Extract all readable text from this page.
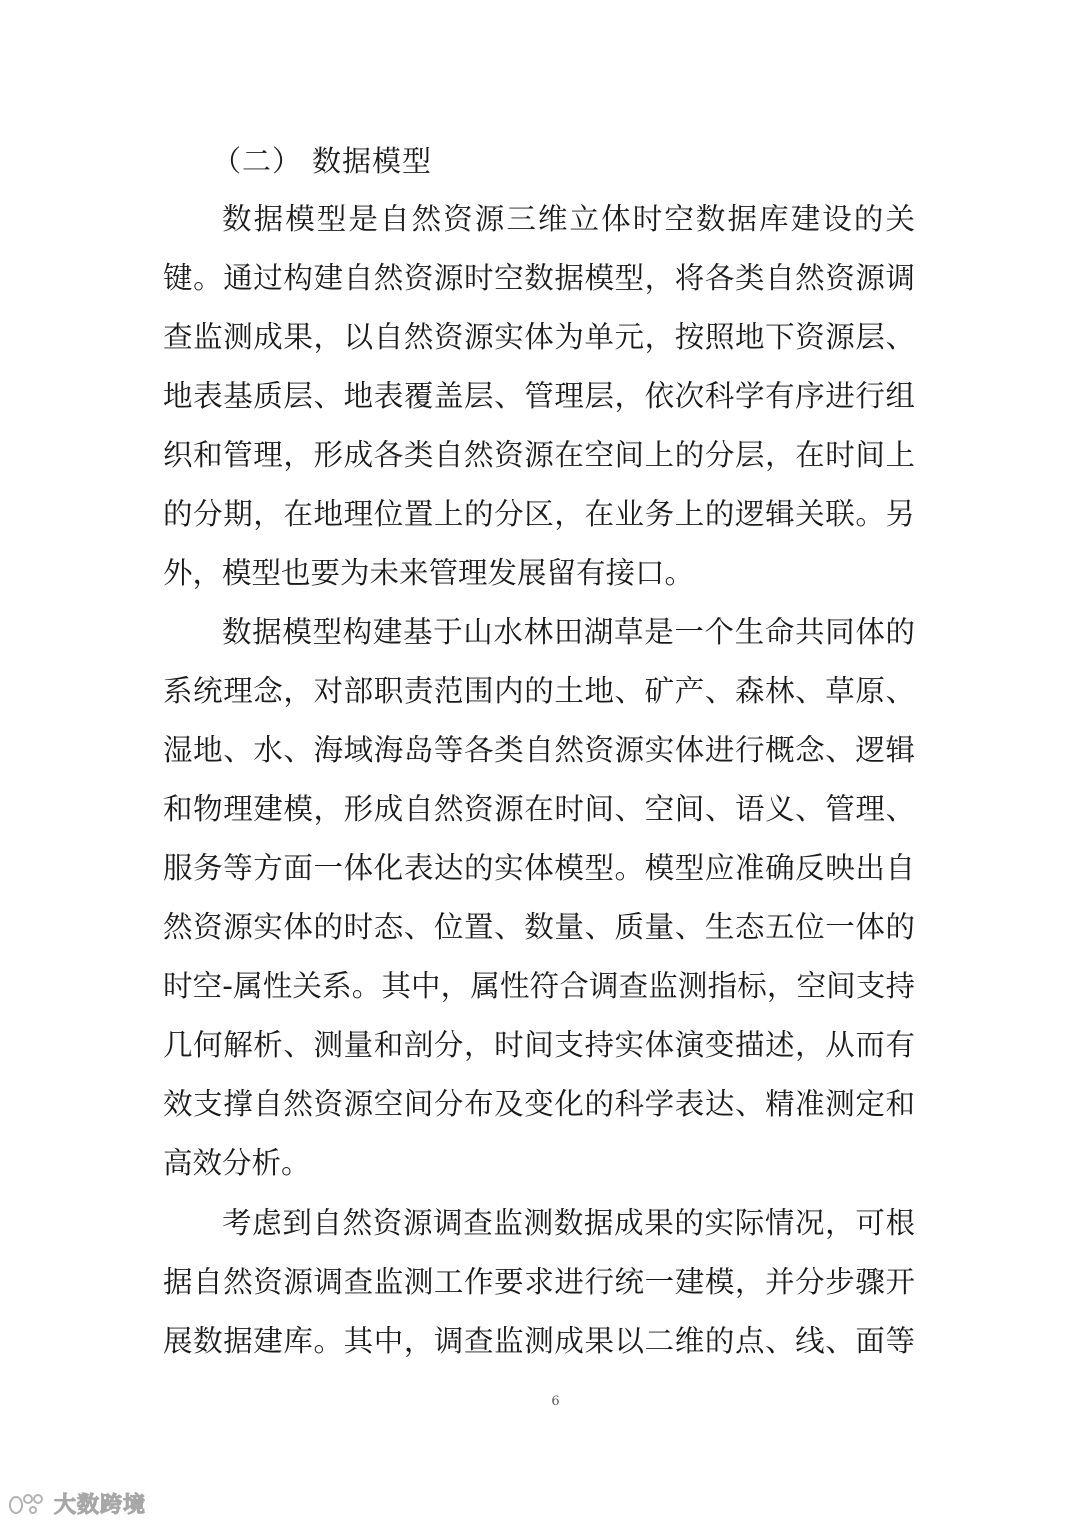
（二） 数据模型
数据模型是自然资源三维立体时空数据库建设的关
键。通过构建自然资源时空数据模型，将各类自然资源调
查监测成果，以自然资源实体为单元，按照地下资源层、
地表基质层、地表覆盖层、管理层，依次科学有序进行组
织和管理，形成各类自然资源在空间上的分层，在时间上
的分期，在地理位置上的分区，在业务上的逻辑关联。另
外，模型也要为未来管理发展留有接口。
数据模型构建基于山水林田湖草是一个生命共同体的
系统理念，对部职责范围内的土地、矿产、森林、草原、
湿地、水、海域海岛等各类自然资源实体进行概念、逻辑
和物理建模，形成自然资源在时间、空间、语义、管理、
服务等方面一体化表达的实体模型。模型应准确反映出自
然资源实体的时态、位置、数量、质量、生态五位一体的
时空-属性关系。其中，属性符合调查监测指标，空间支持
几何解析、测量和剖分，时间支持实体演变描述，从而有
效支撑自然资源空间分布及变化的科学表达、精准测定和
高效分析。
考虑到自然资源调查监测数据成果的实际情况，可根
据自然资源调查监测工作要求进行统一建模，并分步骤开
展数据建库。其中，调查监测成果以二维的点、线、面等
6
大数跨境
